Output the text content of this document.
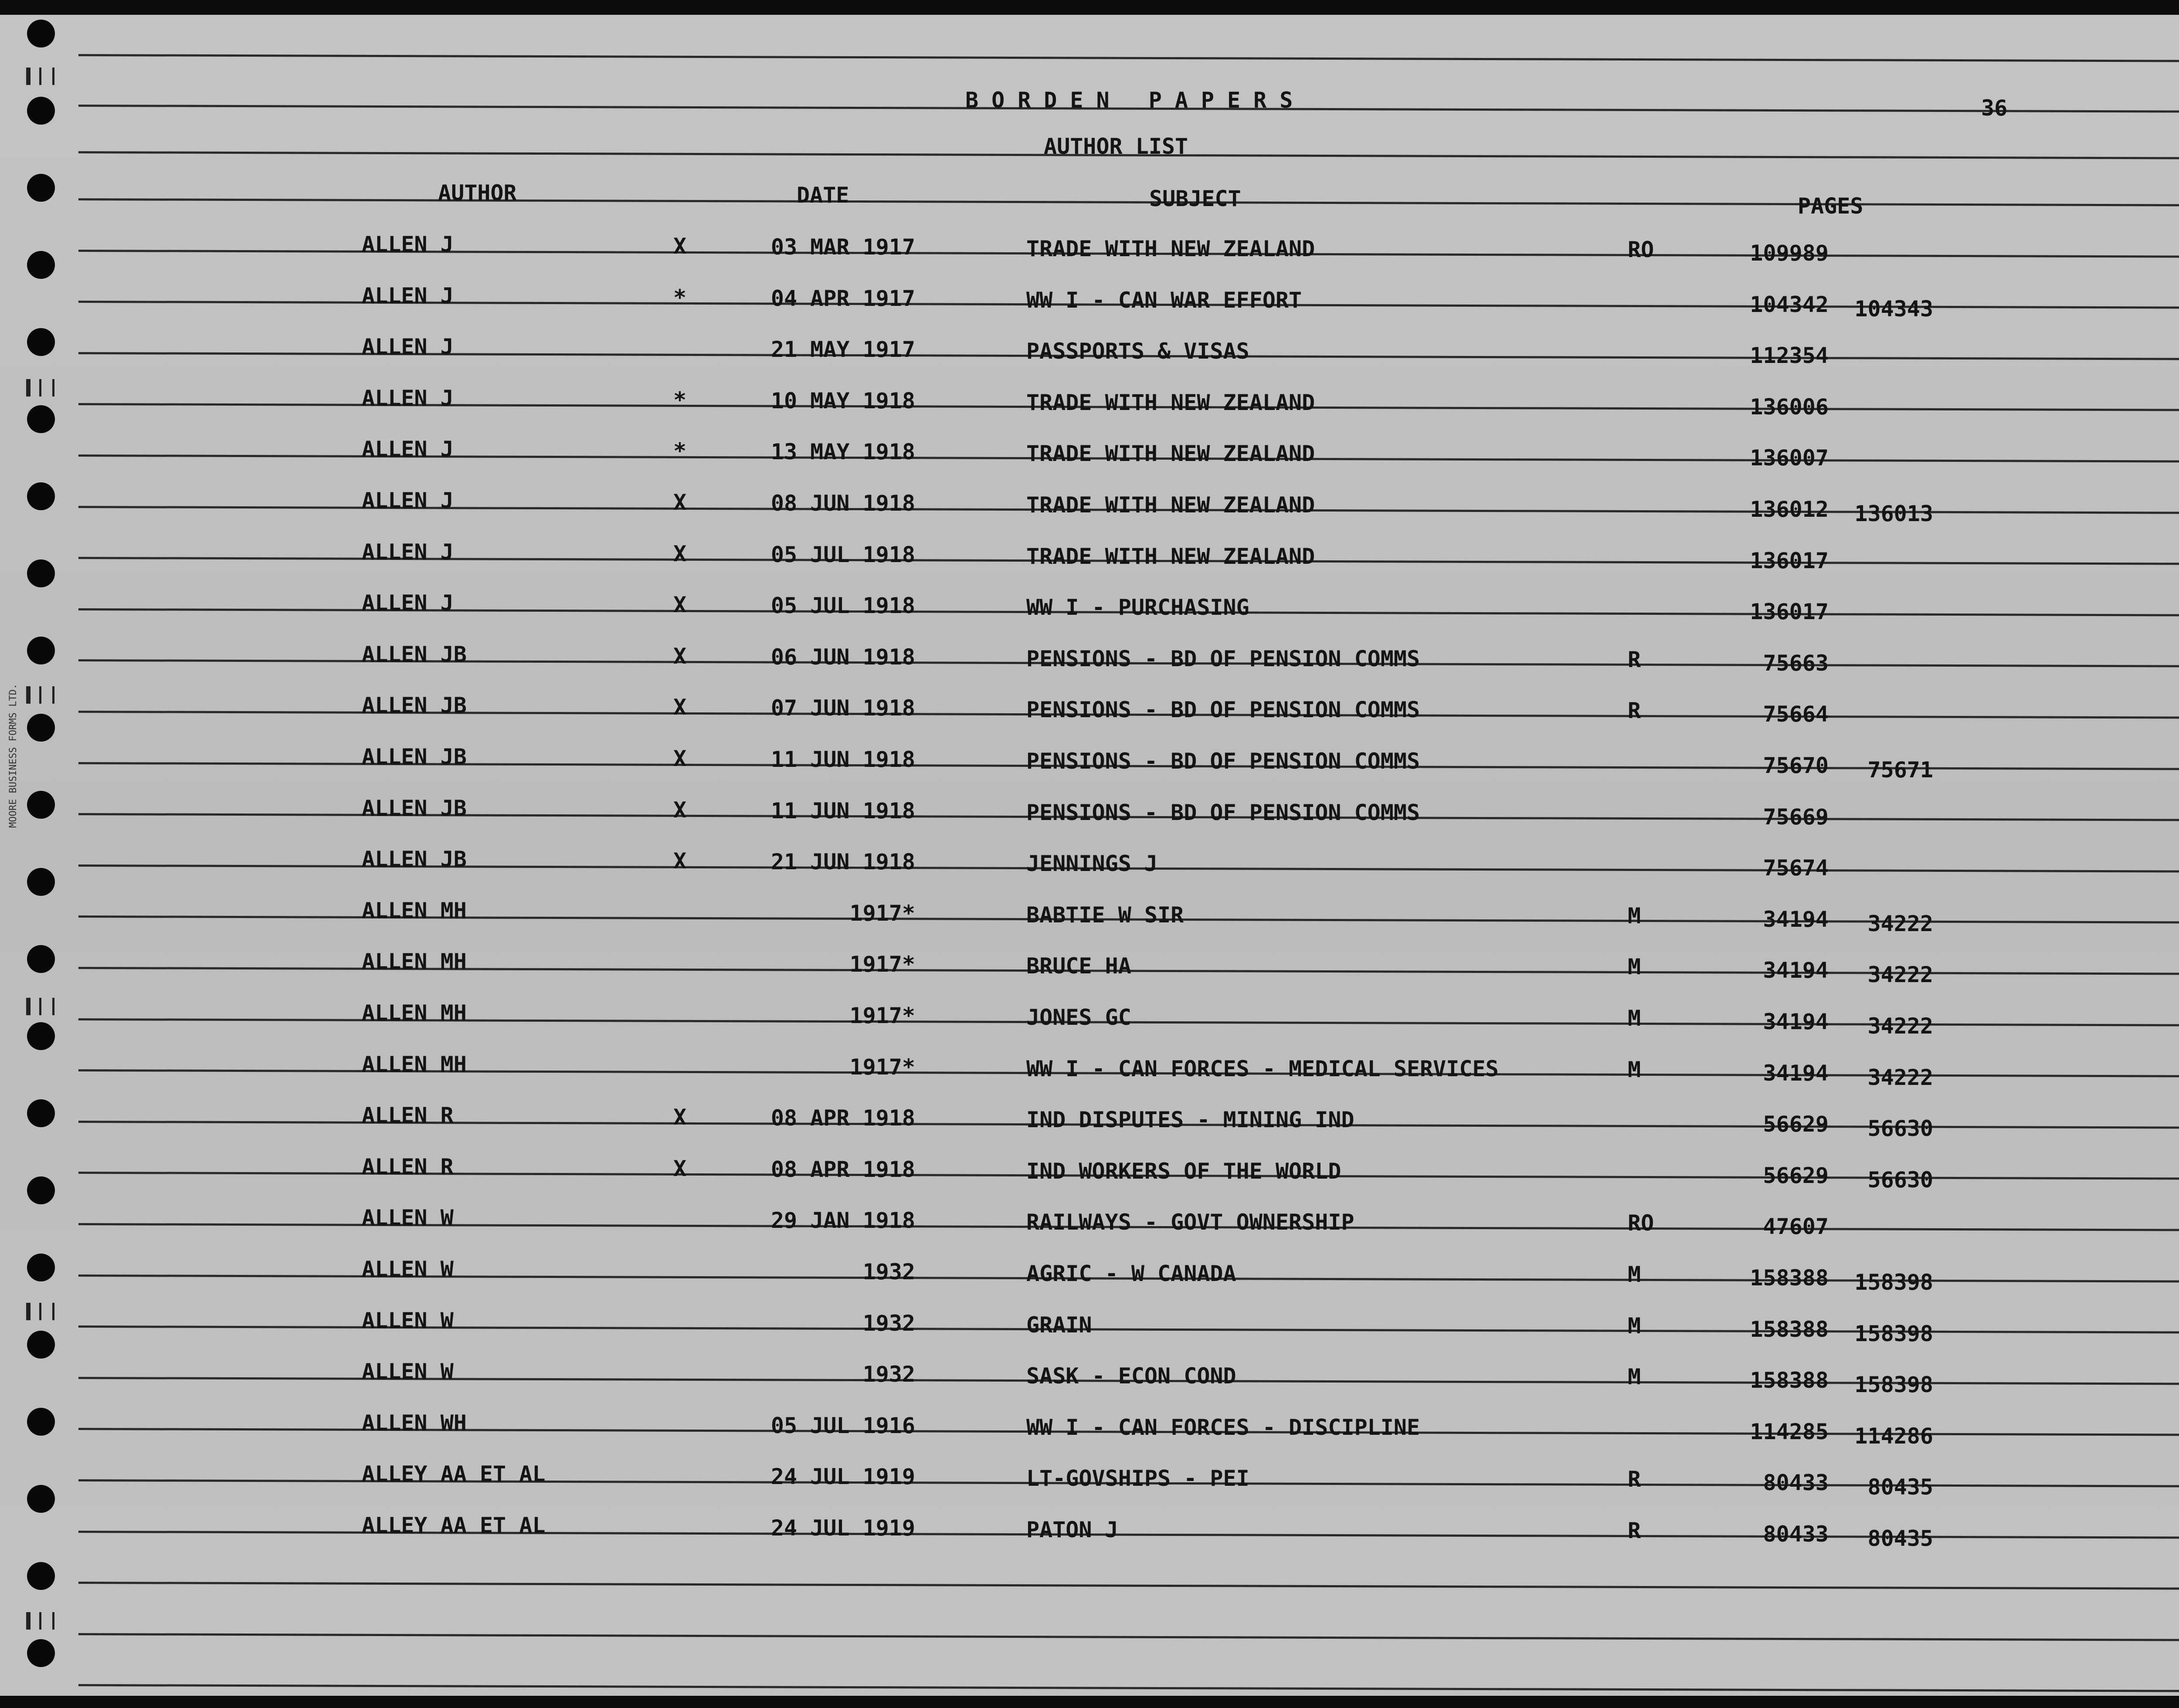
MOORE BUSINESS FORMS LTD.
BORDEN PAPERS	36
AUTHOR LIST
AUTHOR	DATE	SUBJECT	PAGES
ALLEN J	X	03 MAR 1917	TRADE WITH NEW ZEALAND	RO	109989
ALLEN J	*	04 APR 1917	WW I - CAN WAR EFFORT	104342 104343
ALLEN J	21 MAY 1917	PASSPORTS & VISAS	112354
ALLEN J	*	10 MAY 1918	TRADE WITH NEW ZEALAND	136006
ALLEN J	*	13 MAY 1918	TRADE WITH NEW ZEALAND	136007
ALLEN J	X	08 JUN 1918	TRADE WITH NEW ZEALAND	136012 136013
ALLEN J	X	05 JUL 1918	TRADE WITH NEW ZEALAND	136017
ALLEN J	X	05 JUL 1918	WW I - PURCHASING	136017
ALLEN JB	X	06 JUN 1918	PENSIONS - BD OF PENSION COMMS	R	75663
ALLEN JB	X	07 JUN 1918	PENSIONS - BD OF PENSION COMMS	R	75664
ALLEN JB	X	11 JUN 1918	PENSIONS - BD OF PENSION COMMS	75670 75671
ALLEN JB	X	11 JUN 1918	PENSIONS - BD OF PENSION COMMS	75669
ALLEN JB	X	21 JUN 1918	JENNINGS J	75674
ALLEN MH	1917*	BABTIE W SIR	M	34194 34222
ALLEN MH	1917*	BRUCE HA	M	34194 34222
ALLEN MH	1917*	JONES GC	M	34194 34222
ALLEN MH	1917*	WW I - CAN FORCES - MEDICAL SERVICES	M	34194 34222
ALLEN R	X	08 APR 1918	IND DISPUTES - MINING IND	56629 56630
ALLEN R	X	08 APR 1918	IND WORKERS OF THE WORLD	56629 56630
ALLEN W	29 JAN 1918	RAILWAYS - GOVT OWNERSHIP	RO	47607
ALLEN W	1932	AGRIC - W CANADA	M	158388 158398
ALLEN W	1932	GRAIN	M	158388 158398
ALLEN W	1932	SASK - ECON COND	M	158388 158398
ALLEN WH	05 JUL 1916	WW I - CAN FORCES - DISCIPLINE	114285 114286
ALLEY AA ET AL	24 JUL 1919	LT-GOVSHIPS - PEI	R	80433 80435
ALLEY AA ET AL	24 JUL 1919	PATON J	R	80433 80435
